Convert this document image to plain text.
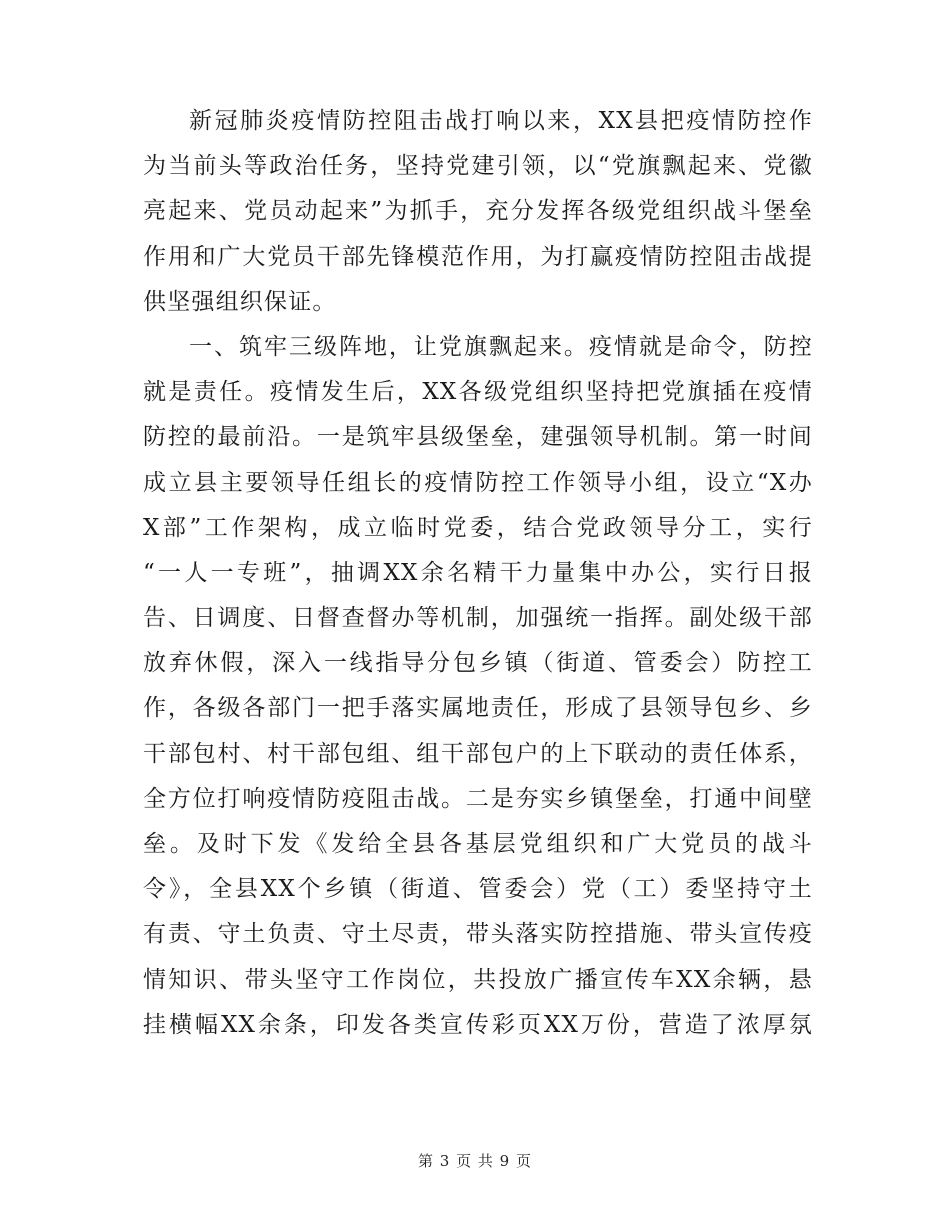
新冠肺炎疫情防控阻击战打响以来，XX县把疫情防控作
为当前头等政治任务，坚持党建引领，以“党旗飘起来、党徽
亮起来、党员动起来”为抓手，充分发挥各级党组织战斗堡垒
作用和广大党员干部先锋模范作用，为打赢疫情防控阻击战提
供坚强组织保证。
一、筑牢三级阵地，让党旗飘起来。疫情就是命令，防控
就是责任。疫情发生后，XX各级党组织坚持把党旗插在疫情
防控的最前沿。一是筑牢县级堡垒，建强领导机制。第一时间
成立县主要领导任组长的疫情防控工作领导小组，设立“X办
X部”工作架构，成立临时党委，结合党政领导分工，实行
“一人一专班”，抽调XX余名精干力量集中办公，实行日报
告、日调度、日督查督办等机制，加强统一指挥。副处级干部
放弃休假，深入一线指导分包乡镇（街道、管委会）防控工
作，各级各部门一把手落实属地责任，形成了县领导包乡、乡
干部包村、村干部包组、组干部包户的上下联动的责任体系，
全方位打响疫情防疫阻击战。二是夯实乡镇堡垒，打通中间壁
垒。及时下发《发给全县各基层党组织和广大党员的战斗
令》，全县XX个乡镇（街道、管委会）党（工）委坚持守土
有责、守土负责、守土尽责，带头落实防控措施、带头宣传疫
情知识、带头坚守工作岗位，共投放广播宣传车XX余辆，悬
挂横幅XX余条，印发各类宣传彩页XX万份，营造了浓厚氛
第 3 页 共 9 页
